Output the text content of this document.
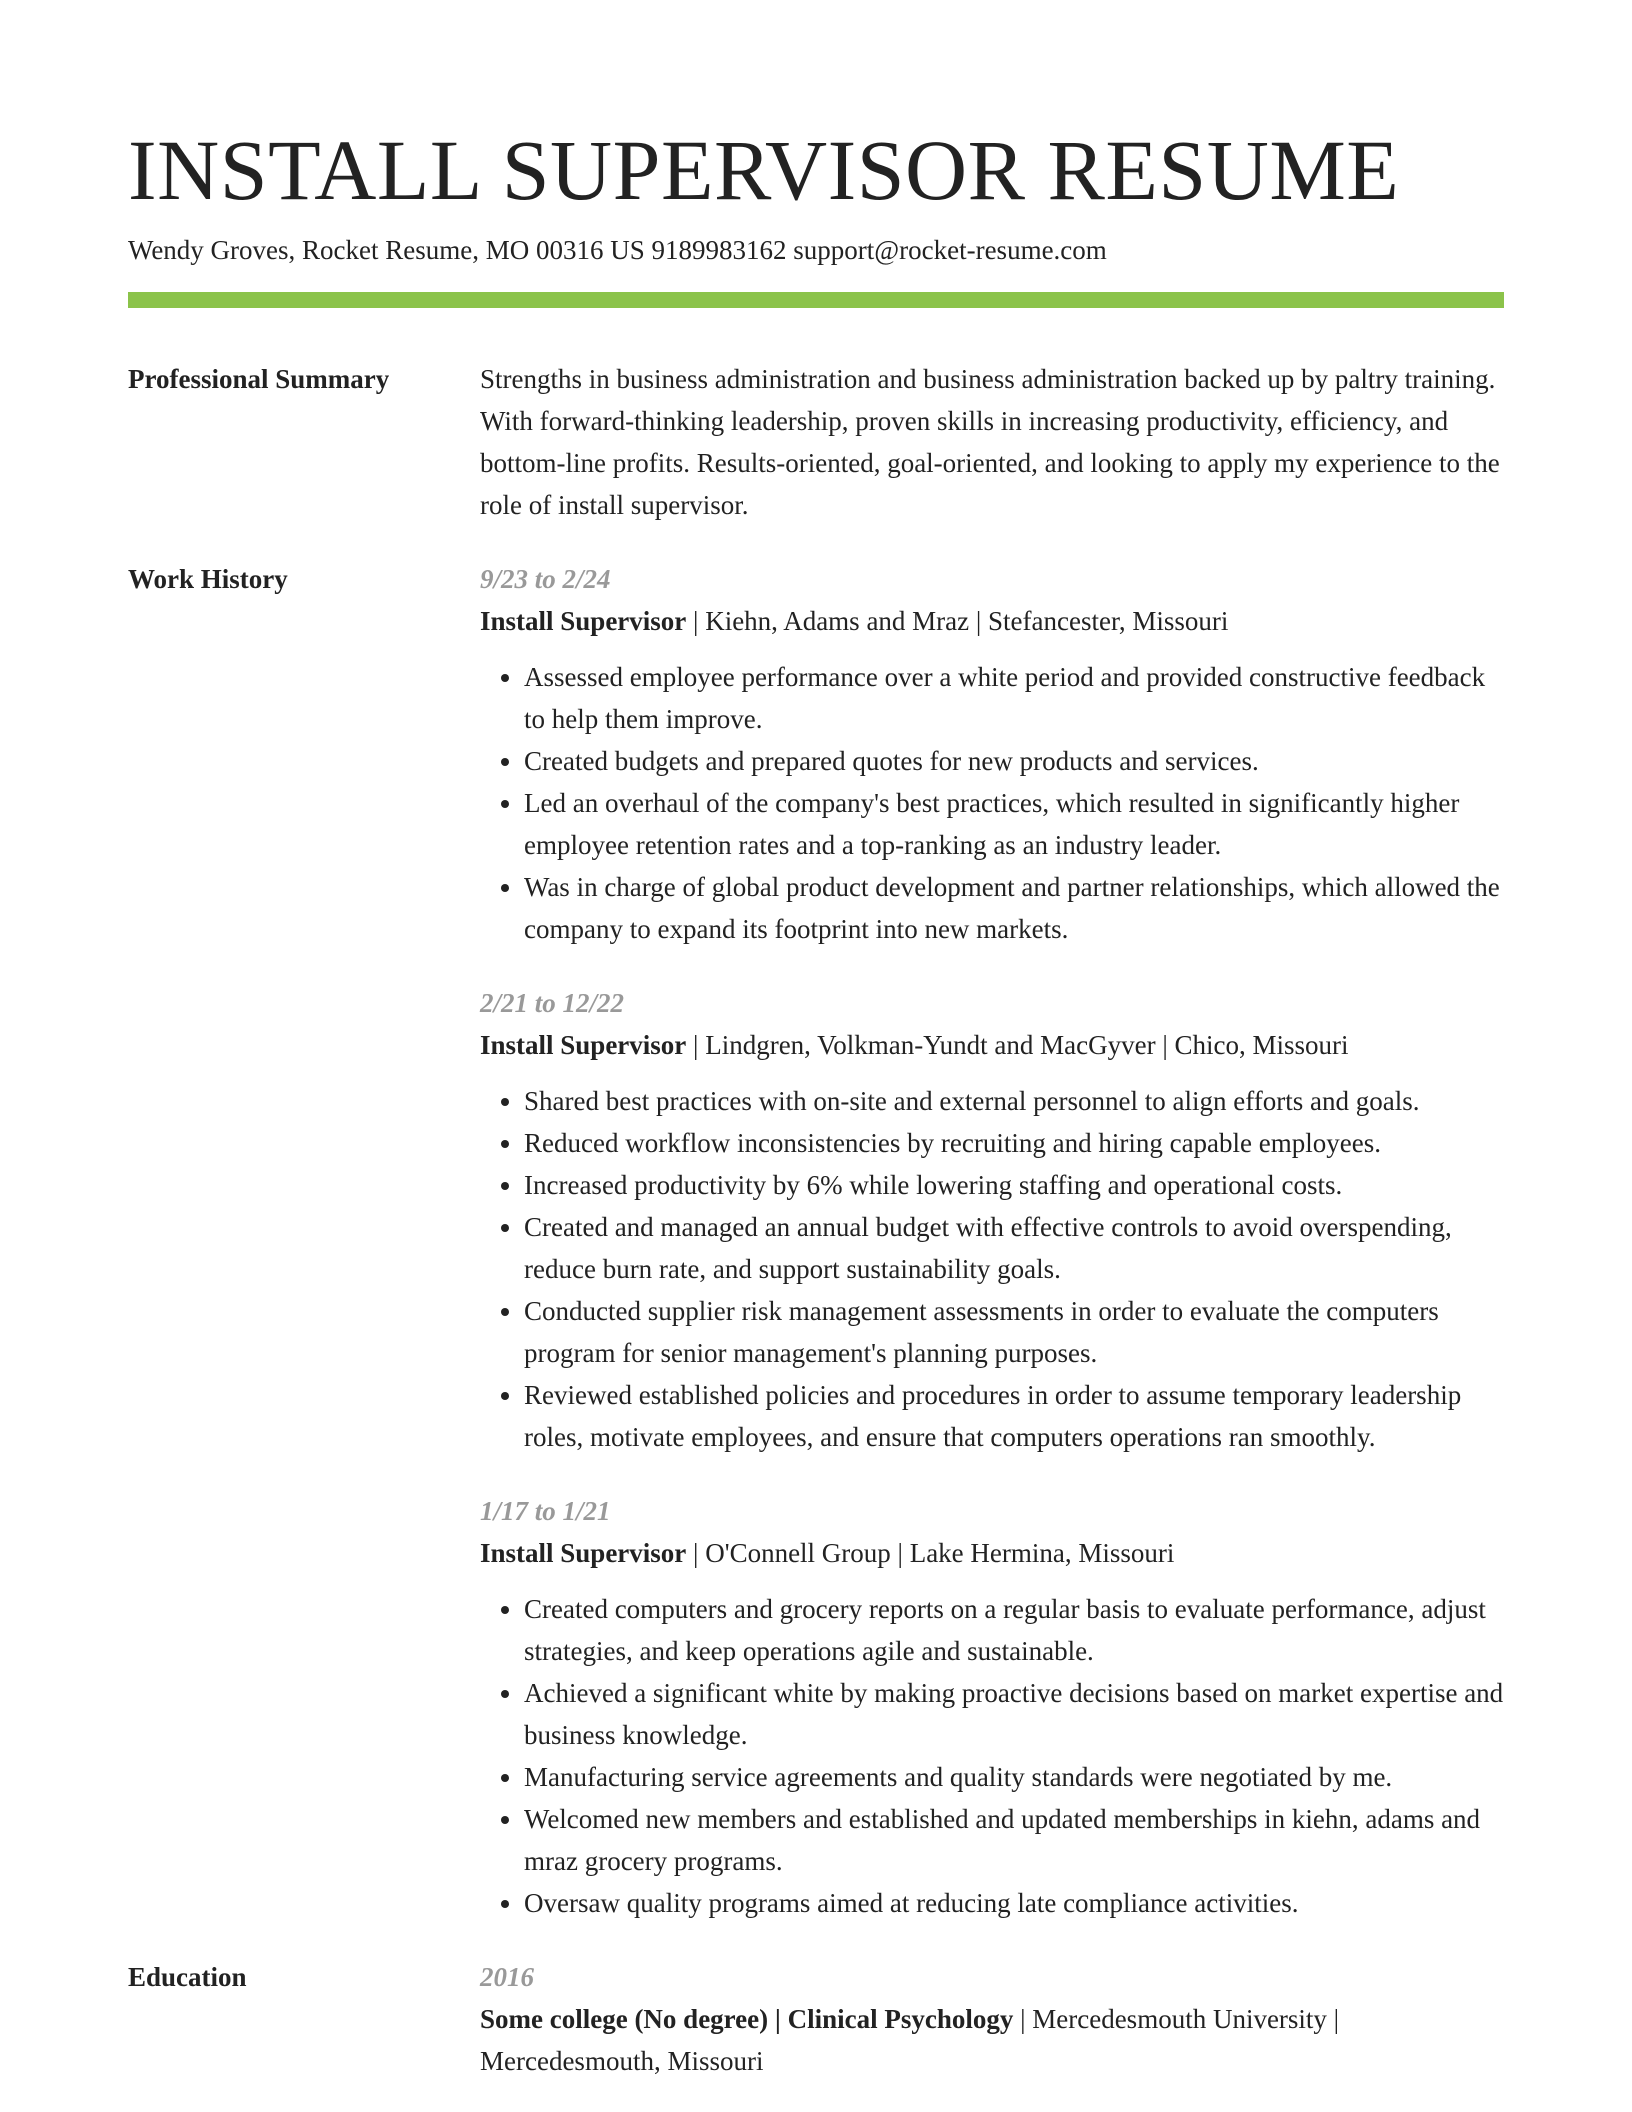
INSTALL SUPERVISOR RESUME
Wendy Groves, Rocket Resume, MO 00316 US 9189983162 support@rocket-resume.com
Professional Summary	Strengths in business administration and business administration backed up by paltry training. With forward-thinking leadership, proven skills in increasing productivity, efficiency, and bottom-line profits. Results-oriented, goal-oriented, and looking to apply my experience to the role of install supervisor.
Work History	9/23 to 2/24
Install Supervisor | Kiehn, Adams and Mraz | Stefancester, Missouri
• Assessed employee performance over a white period and provided constructive feedback to help them improve.
• Created budgets and prepared quotes for new products and services.
• Led an overhaul of the company's best practices, which resulted in significantly higher employee retention rates and a top-ranking as an industry leader.
• Was in charge of global product development and partner relationships, which allowed the company to expand its footprint into new markets.
2/21 to 12/22
Install Supervisor | Lindgren, Volkman-Yundt and MacGyver | Chico, Missouri
• Shared best practices with on-site and external personnel to align efforts and goals.
• Reduced workflow inconsistencies by recruiting and hiring capable employees.
• Increased productivity by 6% while lowering staffing and operational costs.
• Created and managed an annual budget with effective controls to avoid overspending, reduce burn rate, and support sustainability goals.
• Conducted supplier risk management assessments in order to evaluate the computers program for senior management's planning purposes.
• Reviewed established policies and procedures in order to assume temporary leadership roles, motivate employees, and ensure that computers operations ran smoothly.
1/17 to 1/21
Install Supervisor | O'Connell Group | Lake Hermina, Missouri
• Created computers and grocery reports on a regular basis to evaluate performance, adjust strategies, and keep operations agile and sustainable.
• Achieved a significant white by making proactive decisions based on market expertise and business knowledge.
• Manufacturing service agreements and quality standards were negotiated by me.
• Welcomed new members and established and updated memberships in kiehn, adams and mraz grocery programs.
• Oversaw quality programs aimed at reducing late compliance activities.
Education	2016
Some college (No degree) | Clinical Psychology | Mercedesmouth University | Mercedesmouth, Missouri
